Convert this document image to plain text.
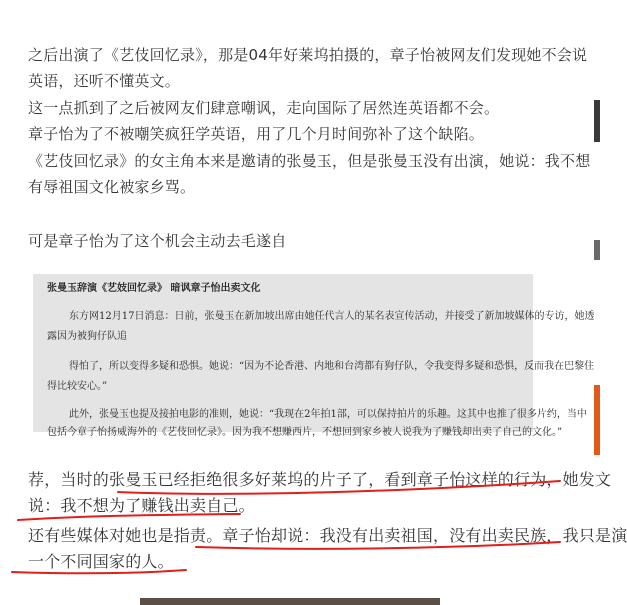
之后出演了《艺伎回忆录》，那是04年好莱坞拍摄的，章子怡被网友们发现她不会说
英语，还听不懂英文。
这一点抓到了之后被网友们肆意嘲讽，走向国际了居然连英语都不会。
章子怡为了不被嘲笑疯狂学英语，用了几个月时间弥补了这个缺陷。
《艺伎回忆录》的女主角本来是邀请的张曼玉，但是张曼玉没有出演，她说：我不想
有辱祖国文化被家乡骂。
可是章子怡为了这个机会主动去毛遂自
张曼玉辞演《艺妓回忆录》 暗讽章子怡出卖文化
东方网12月17日消息：日前，张曼玉在新加坡出席由她任代言人的某名表宣传活动，并接受了新加坡媒体的专访，她透
露因为被狗仔队追
得怕了，所以变得多疑和恐惧。她说：“因为不论香港、内地和台湾都有狗仔队，令我变得多疑和恐惧，反而我在巴黎住
得比较安心。”
此外，张曼玉也提及接拍电影的准则，她说：“我现在2年拍1部，可以保持拍片的乐趣。这其中也推了很多片约，当中
包括今章子怡扬威海外的《艺伎回忆录》。因为我不想赚西片，不想回到家乡被人说我为了赚钱却出卖了自己的文化。”
荐，当时的张曼玉已经拒绝很多好莱坞的片子了，看到章子怡这样的行为，她发文
说：我不想为了赚钱出卖自己。
还有些媒体对她也是指责。章子怡却说：我没有出卖祖国，没有出卖民族，我只是演
一个不同国家的人。
